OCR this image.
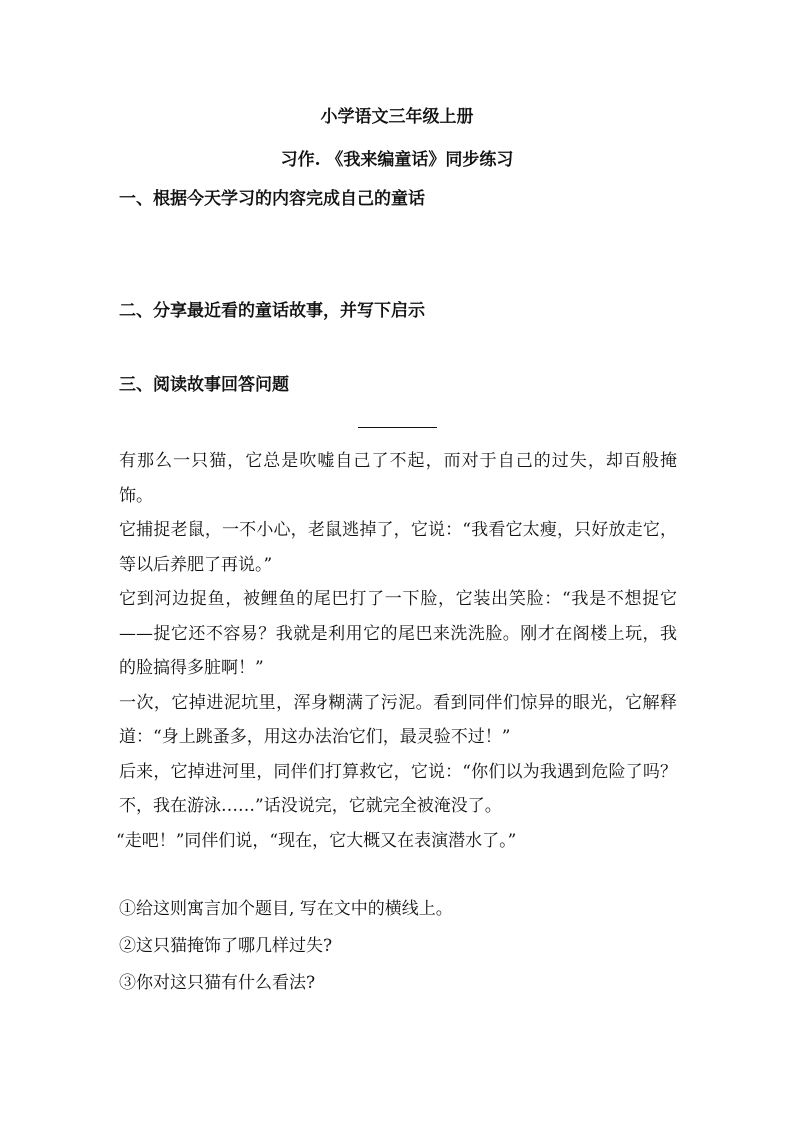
小学语文三年级上册
习作. 《我来编童话》同步练习
一、根据今天学习的内容完成自己的童话
二、分享最近看的童话故事，并写下启示
三、阅读故事回答问题

有那么一只猫，它总是吹嘘自己了不起，而对于自己的过失，却百般掩饰。

它捕捉老鼠，一不小心，老鼠逃掉了，它说：“我看它太瘦，只好放走它，等以后养肥了再说。”

它到河边捉鱼，被鲤鱼的尾巴打了一下脸，它装出笑脸：“我是不想捉它——捉它还不容易？我就是利用它的尾巴来洗洗脸。刚才在阁楼上玩，我的脸搞得多脏啊！”

一次，它掉进泥坑里，浑身糊满了污泥。看到同伴们惊异的眼光，它解释道：“身上跳蚤多，用这办法治它们，最灵验不过！”

后来，它掉进河里，同伴们打算救它，它说：“你们以为我遇到危险了吗？不，我在游泳……”话没说完，它就完全被淹没了。

“走吧！”同伴们说，“现在，它大概又在表演潜水了。”

①给这则寓言加个题目, 写在文中的横线上。
②这只猫掩饰了哪几样过失?
③你对这只猫有什么看法?
